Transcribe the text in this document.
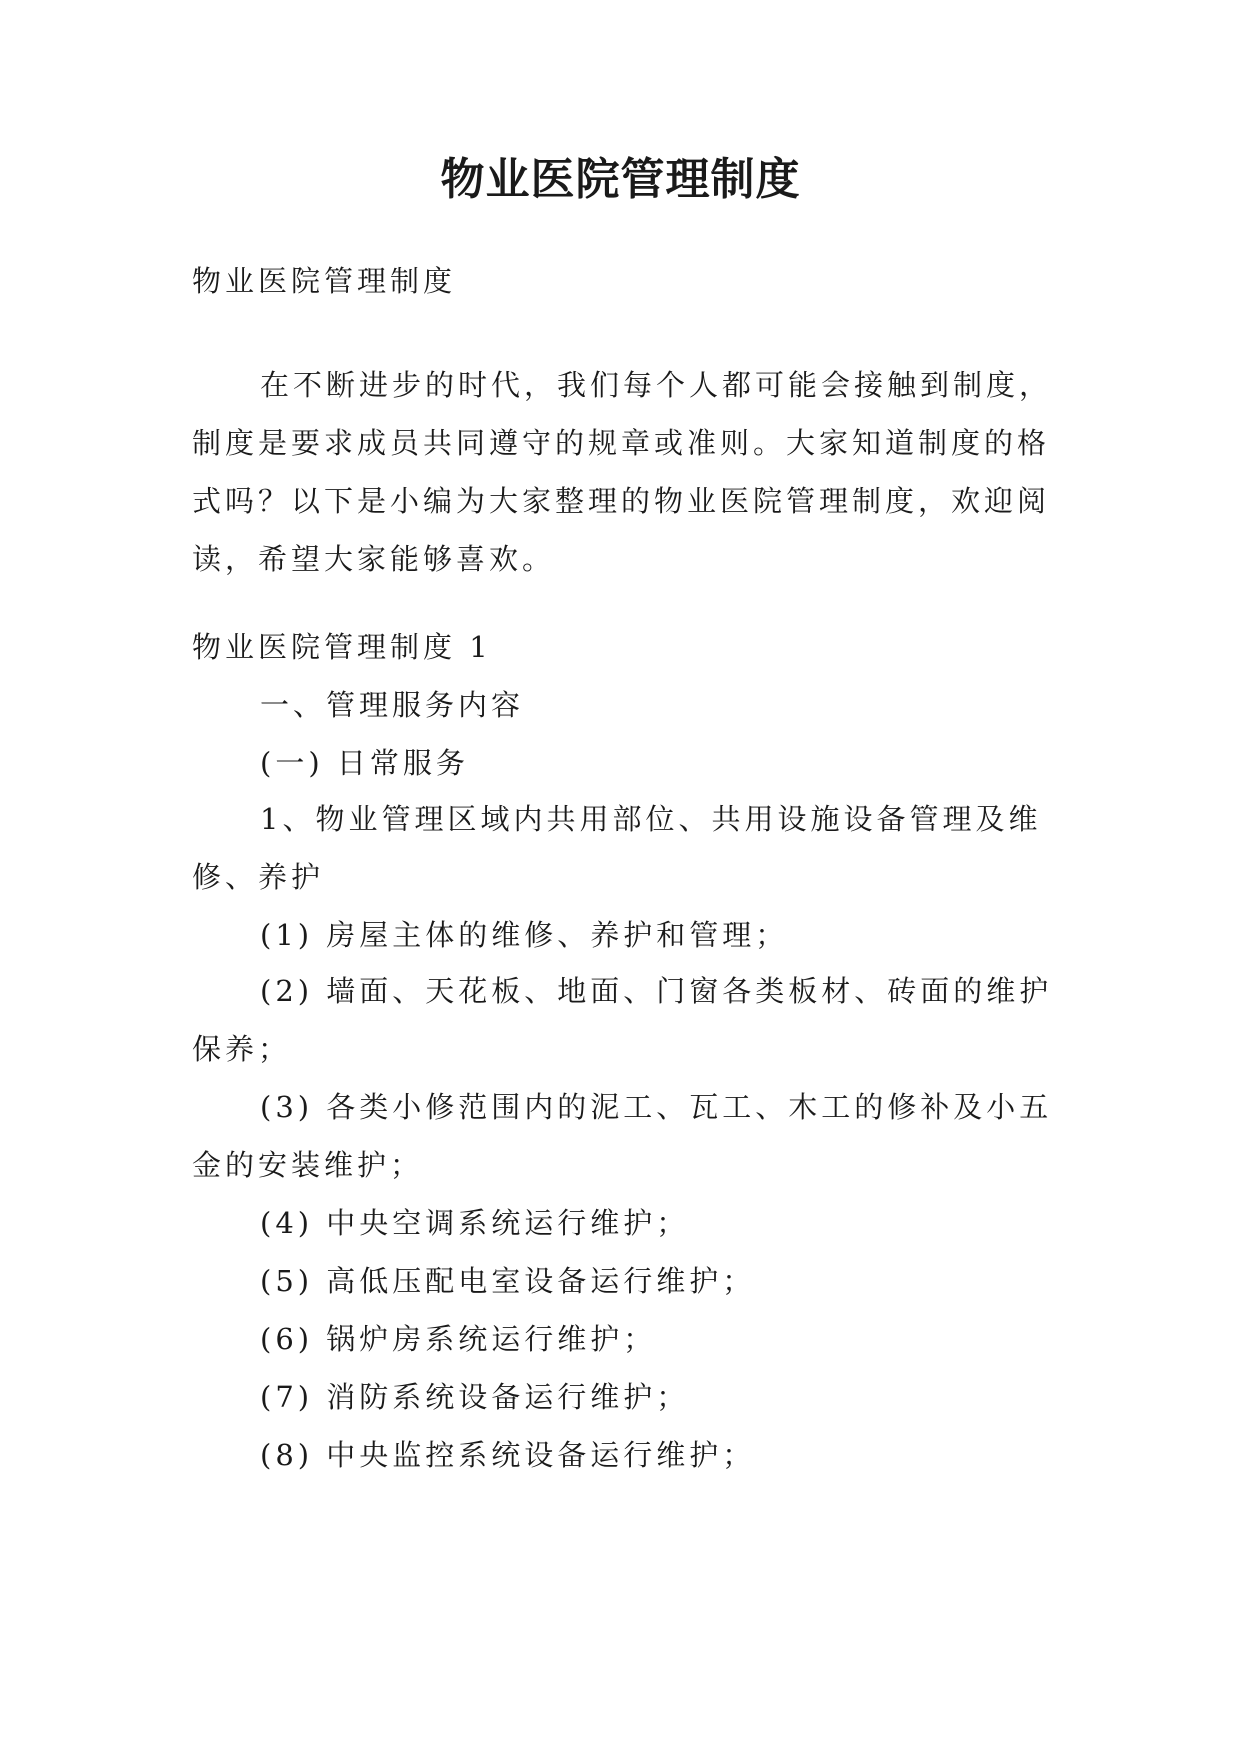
物业医院管理制度

物业医院管理制度

在不断进步的时代，我们每个人都可能会接触到制度，制度是要求成员共同遵守的规章或准则。大家知道制度的格式吗？以下是小编为大家整理的物业医院管理制度，欢迎阅读，希望大家能够喜欢。

物业医院管理制度 1

一、管理服务内容

(一) 日常服务

1、物业管理区域内共用部位、共用设施设备管理及维修、养护

(1) 房屋主体的维修、养护和管理；

(2) 墙面、天花板、地面、门窗各类板材、砖面的维护保养；

(3) 各类小修范围内的泥工、瓦工、木工的修补及小五金的安装维护；

(4) 中央空调系统运行维护；

(5) 高低压配电室设备运行维护；

(6) 锅炉房系统运行维护；

(7) 消防系统设备运行维护；

(8) 中央监控系统设备运行维护；
